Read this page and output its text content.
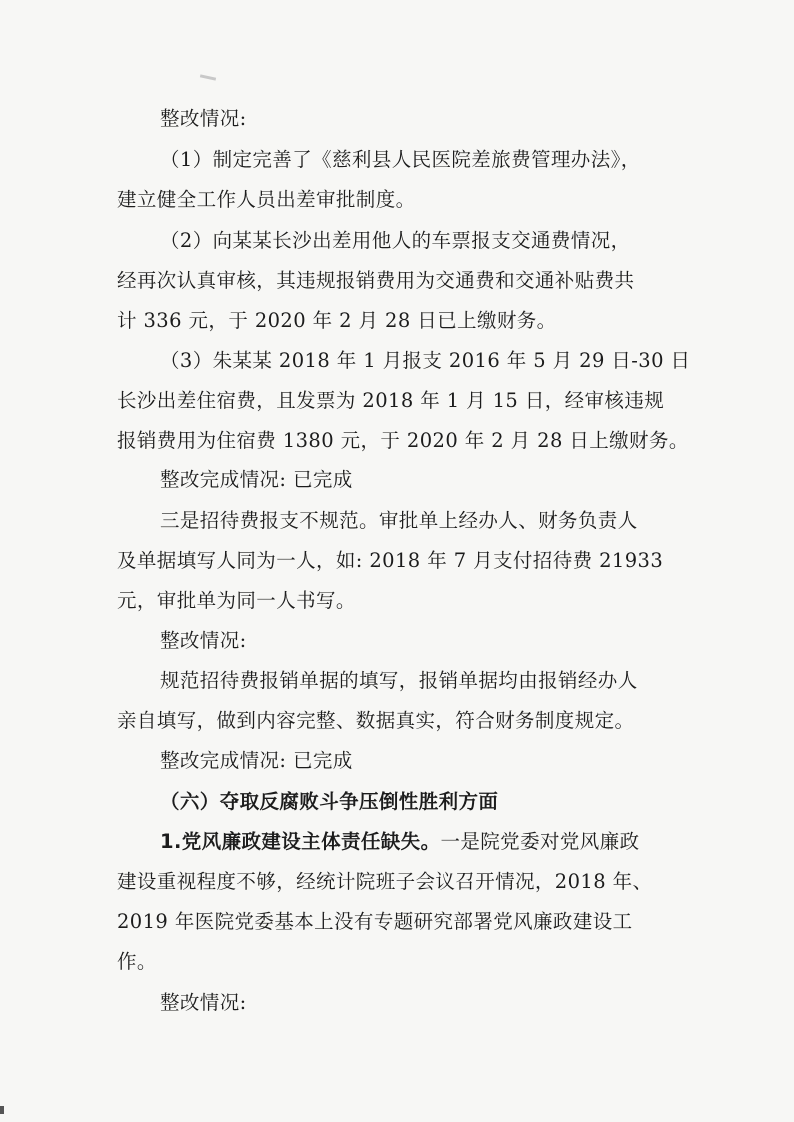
整改情况:
（1）制定完善了《慈利县人民医院差旅费管理办法》，
建立健全工作人员出差审批制度。
（2）向某某长沙出差用他人的车票报支交通费情况，
经再次认真审核，其违规报销费用为交通费和交通补贴费共
计 336 元，于 2020 年 2 月 28 日已上缴财务。
（3）朱某某 2018 年 1 月报支 2016 年 5 月 29 日-30 日
长沙出差住宿费，且发票为 2018 年 1 月 15 日，经审核违规
报销费用为住宿费 1380 元，于 2020 年 2 月 28 日上缴财务。
整改完成情况: 已完成
三是招待费报支不规范。审批单上经办人、财务负责人
及单据填写人同为一人，如: 2018 年 7 月支付招待费 21933
元，审批单为同一人书写。
整改情况:
规范招待费报销单据的填写，报销单据均由报销经办人
亲自填写，做到内容完整、数据真实，符合财务制度规定。
整改完成情况: 已完成
（六）夺取反腐败斗争压倒性胜利方面
1.党风廉政建设主体责任缺失。一是院党委对党风廉政
建设重视程度不够，经统计院班子会议召开情况，2018 年、
2019 年医院党委基本上没有专题研究部署党风廉政建设工
作。
整改情况:
